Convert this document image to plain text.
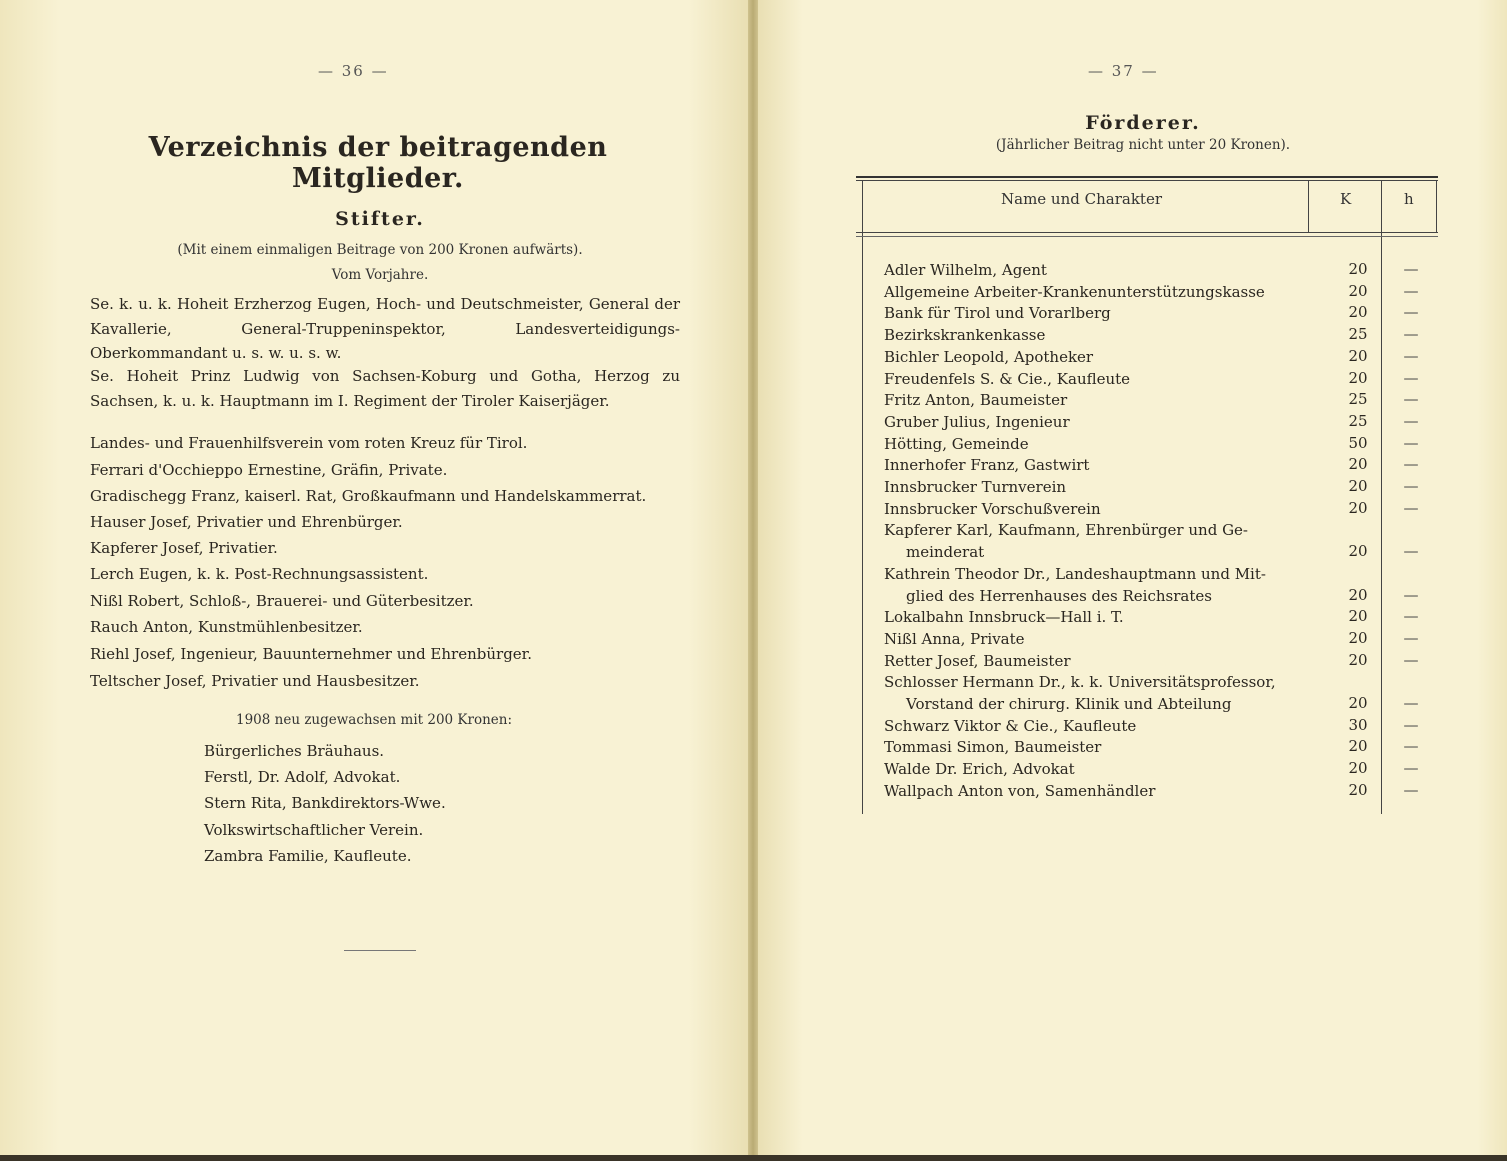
— 36 —
Verzeichnis der beitragenden Mitglieder.
Stifter.
(Mit einem einmaligen Beitrage von 200 Kronen aufwärts).
Vom Vorjahre.
Se. k. u. k. Hoheit Erzherzog Eugen, Hoch- und Deutschmeister, General der Kavallerie, General-Truppeninspektor, Landesverteidigungs-Oberkommandant u. s. w. u. s. w.
Se. Hoheit Prinz Ludwig von Sachsen-Koburg und Gotha, Herzog zu Sachsen, k. u. k. Hauptmann im I. Regiment der Tiroler Kaiserjäger.
Landes- und Frauenhilfsverein vom roten Kreuz für Tirol.
Ferrari d'Occhieppo Ernestine, Gräfin, Private.
Gradischegg Franz, kaiserl. Rat, Großkaufmann und Handelskammerrat.
Hauser Josef, Privatier und Ehrenbürger.
Kapferer Josef, Privatier.
Lerch Eugen, k. k. Post-Rechnungsassistent.
Nißl Robert, Schloß-, Brauerei- und Güterbesitzer.
Rauch Anton, Kunstmühlenbesitzer.
Riehl Josef, Ingenieur, Bauunternehmer und Ehrenbürger.
Teltscher Josef, Privatier und Hausbesitzer.
1908 neu zugewachsen mit 200 Kronen:
Bürgerliches Bräuhaus.
Ferstl, Dr. Adolf, Advokat.
Stern Rita, Bankdirektors-Wwe.
Volkswirtschaftlicher Verein.
Zambra Familie, Kaufleute.
— 37 —
Förderer.
(Jährlicher Beitrag nicht unter 20 Kronen).
Name und Charakter	K	h
Adler Wilhelm, Agent	20	—
Allgemeine Arbeiter-Krankenunterstützungskasse	20	—
Bank für Tirol und Vorarlberg	20	—
Bezirkskrankenkasse	25	—
Bichler Leopold, Apotheker	20	—
Freudenfels S. & Cie., Kaufleute	20	—
Fritz Anton, Baumeister	25	—
Gruber Julius, Ingenieur	25	—
Hötting, Gemeinde	50	—
Innerhofer Franz, Gastwirt	20	—
Innsbrucker Turnverein	20	—
Innsbrucker Vorschußverein	20	—
Kapferer Karl, Kaufmann, Ehrenbürger und Ge-
meinderat	20	—
Kathrein Theodor Dr., Landeshauptmann und Mit-
glied des Herrenhauses des Reichsrates	20	—
Lokalbahn Innsbruck—Hall i. T.	20	—
Nißl Anna, Private	20	—
Retter Josef, Baumeister	20	—
Schlosser Hermann Dr., k. k. Universitätsprofessor,
Vorstand der chirurg. Klinik und Abteilung	20	—
Schwarz Viktor & Cie., Kaufleute	30	—
Tommasi Simon, Baumeister	20	—
Walde Dr. Erich, Advokat	20	—
Wallpach Anton von, Samenhändler	20	—
